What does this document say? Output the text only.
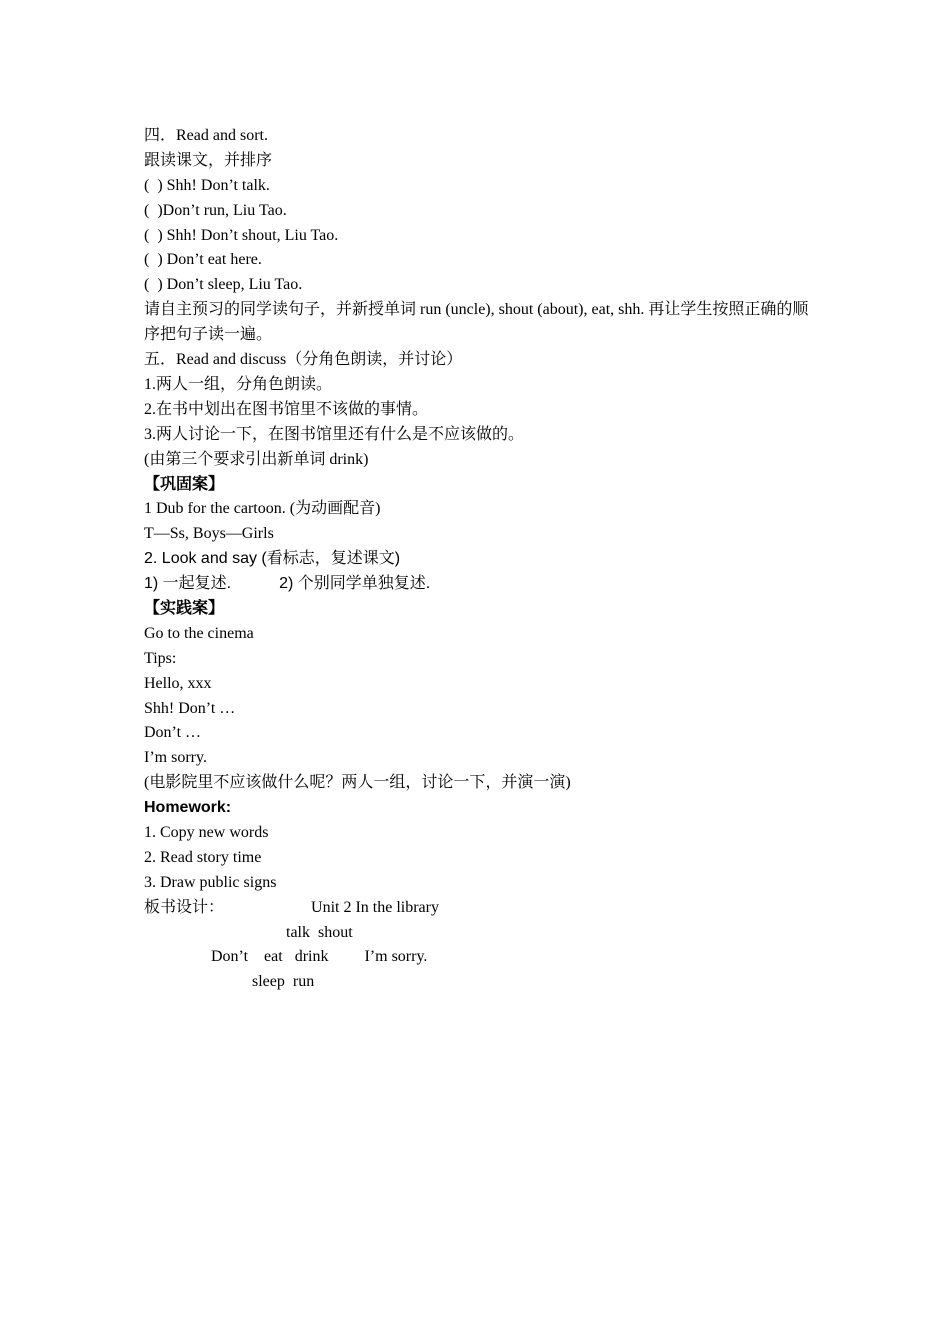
四．Read and sort.
跟读课文，并排序
(  ) Shh! Don’t talk.
(  )Don’t run, Liu Tao.
(  ) Shh! Don’t shout, Liu Tao.
(  ) Don’t eat here.
(  ) Don’t sleep, Liu Tao.
请自主预习的同学读句子，并新授单词 run (uncle), shout (about), eat, shh. 再让学生按照正确的顺序把句子读一遍。
五．Read and discuss（分角色朗读，并讨论）
1.两人一组，分角色朗读。
2.在书中划出在图书馆里不该做的事情。
3.两人讨论一下，在图书馆里还有什么是不应该做的。
(由第三个要求引出新单词 drink)
【巩固案】
1 Dub for the cartoon. (为动画配音)
T—Ss, Boys—Girls
2. Look and say (看标志，复述课文)
1) 一起复述.	2) 个别同学单独复述.
【实践案】
Go to the cinema
Tips:
Hello, xxx
Shh! Don’t …
Don’t …
I’m sorry.
(电影院里不应该做什么呢？两人一组，讨论一下，并演一演)
Homework:
1. Copy new words
2. Read story time
3. Draw public signs
板书设计：	Unit 2 In the library
talk  shout
Don’t    eat   drink I’m sorry.
sleep  run
